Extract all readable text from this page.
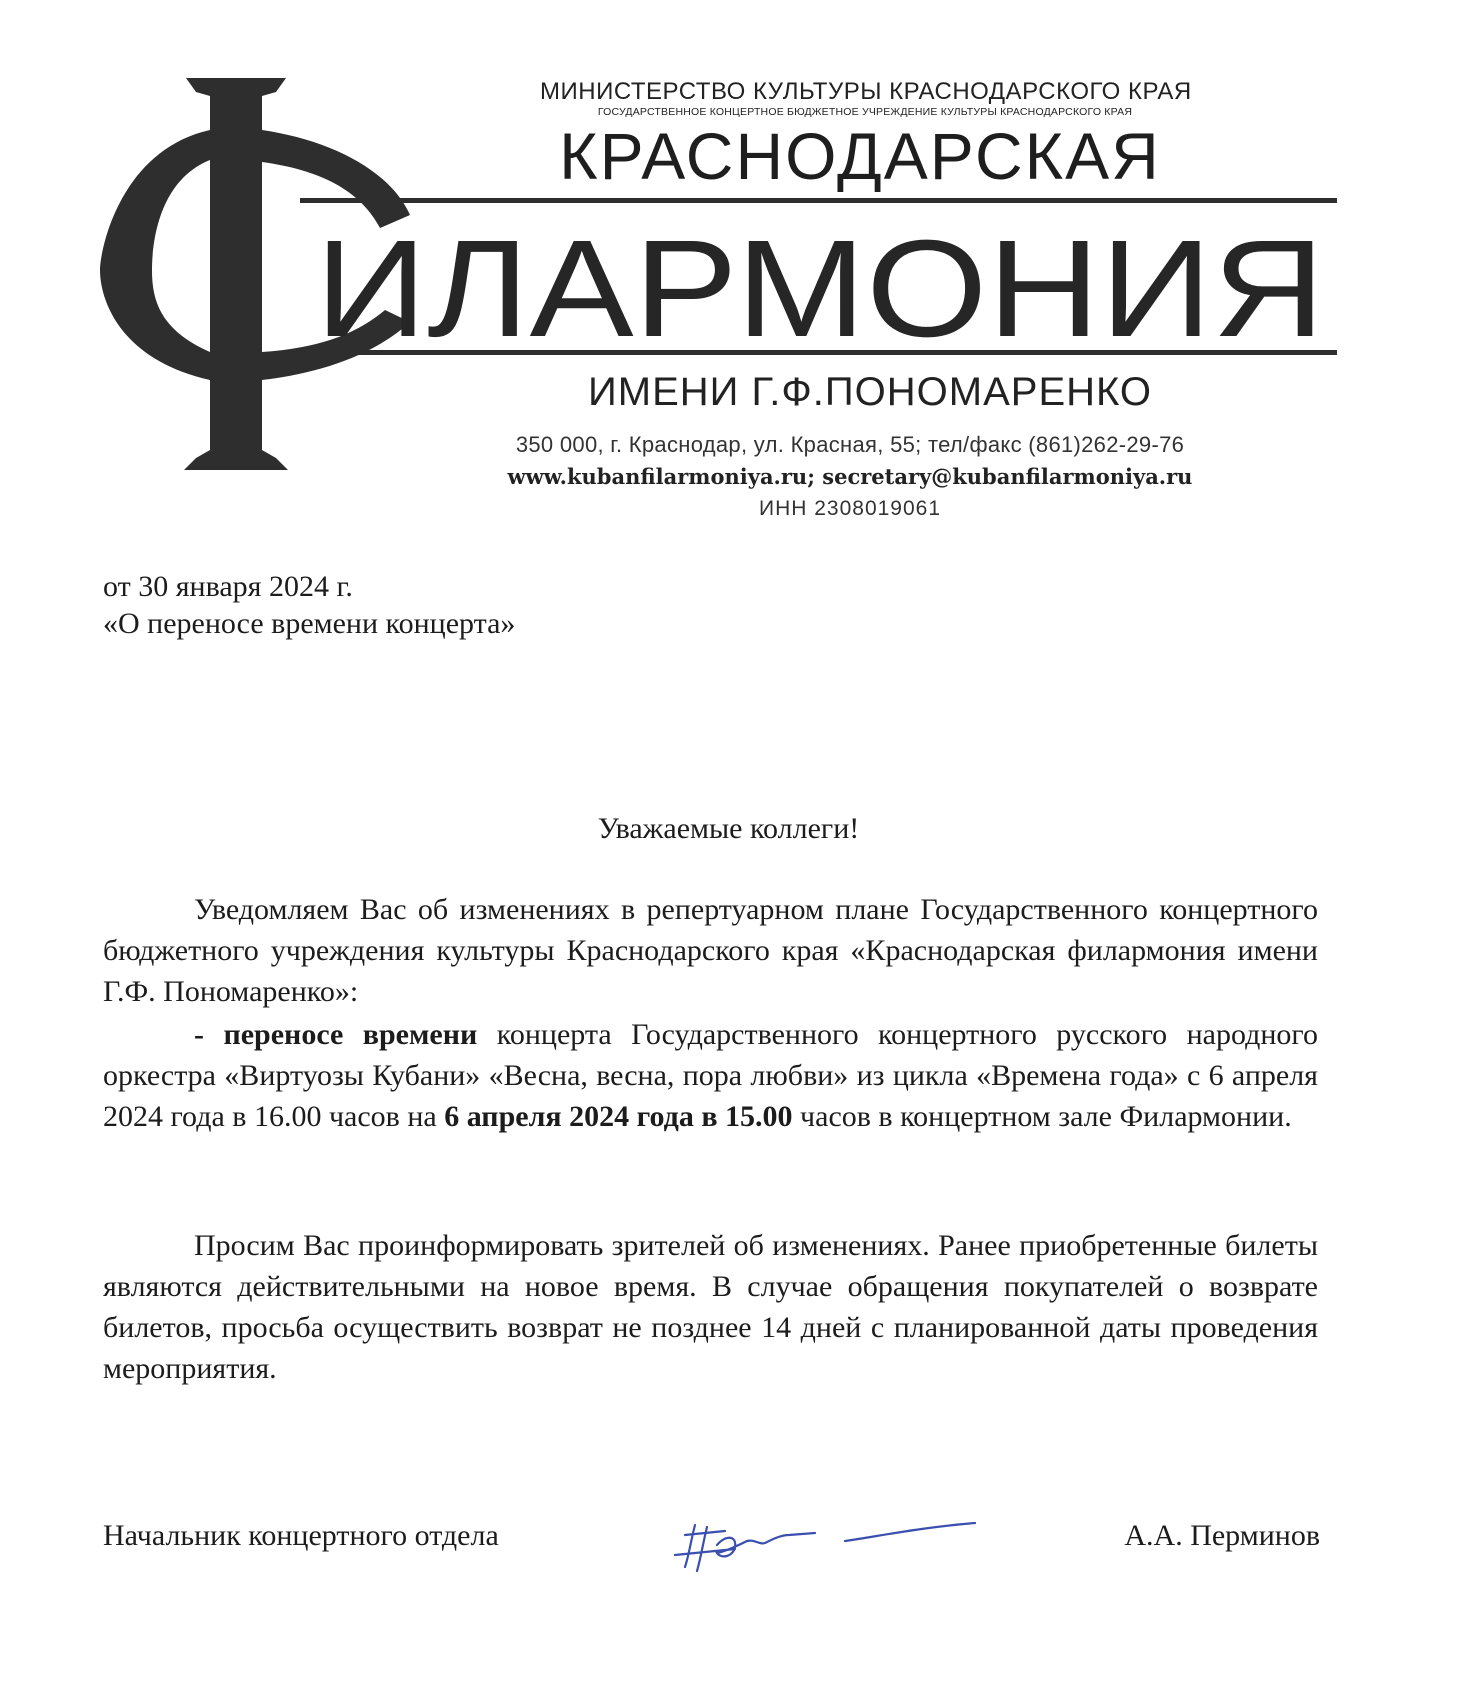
ИЛАРМОНИЯ
МИНИСТЕРСТВО КУЛЬТУРЫ КРАСНОДАРСКОГО КРАЯ
ГОСУДАРСТВЕННОЕ КОНЦЕРТНОЕ БЮДЖЕТНОЕ УЧРЕЖДЕНИЕ КУЛЬТУРЫ КРАСНОДАРСКОГО КРАЯ
КРАСНОДАРСКАЯ
ИМЕНИ Г.Ф.ПОНОМАРЕНКО
350 000, г. Краснодар, ул. Красная, 55; тел/факс (861)262-29-76
www.kubanfilarmoniya.ru; secretary@kubanfilarmoniya.ru
ИНН 2308019061
от 30 января 2024 г.
«О переносе времени концерта»
Уважаемые коллеги!
Уведомляем Вас об изменениях в репертуарном плане Государственного концертного бюджетного учреждения культуры Краснодарского края «Краснодарская филармония имени Г.Ф. Пономаренко»:
- переносе времени концерта Государственного концертного русского народного оркестра «Виртуозы Кубани» «Весна, весна, пора любви» из цикла «Времена года» с 6 апреля 2024 года в 16.00 часов на 6 апреля 2024 года в 15.00 часов в концертном зале Филармонии.
Просим Вас проинформировать зрителей об изменениях. Ранее приобретенные билеты являются действительными на новое время. В случае обращения покупателей о возврате билетов, просьба осуществить возврат не позднее 14 дней с планированной даты проведения мероприятия.
Начальник концертного отдела	А.А. Перминов
